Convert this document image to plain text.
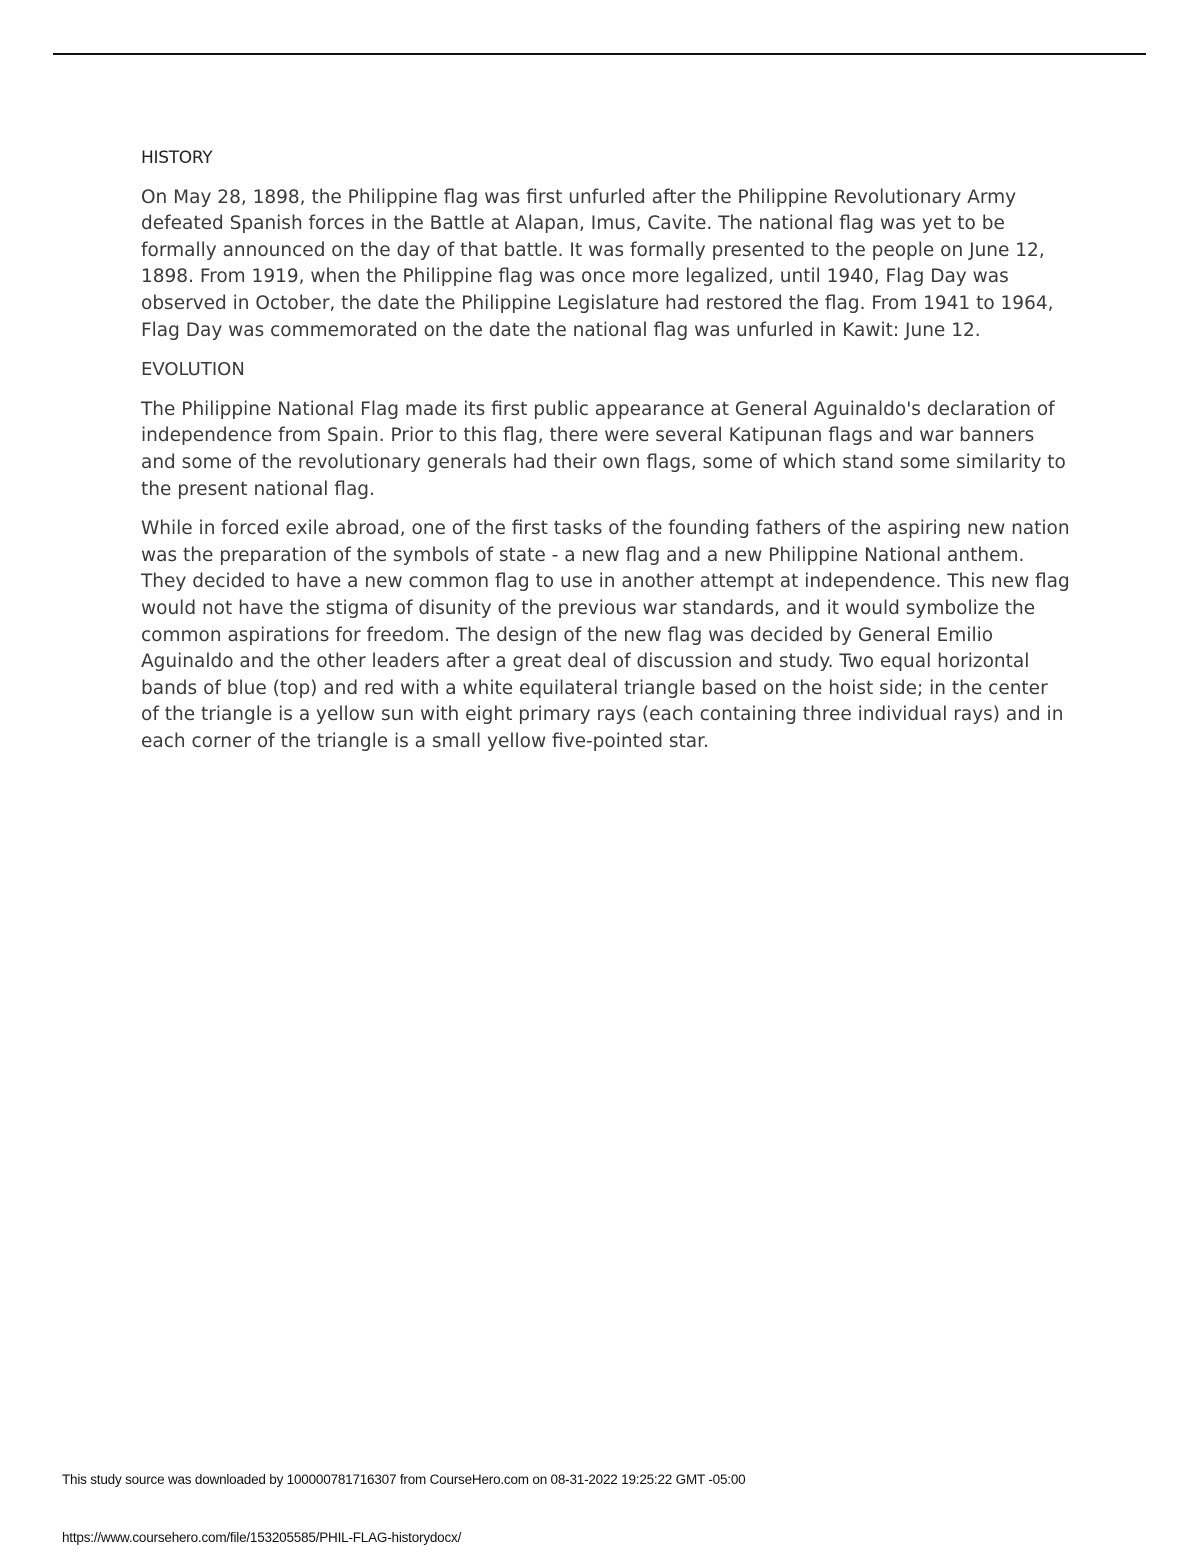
HISTORY

On May 28, 1898, the Philippine flag was first unfurled after the Philippine Revolutionary Army defeated Spanish forces in the Battle at Alapan, Imus, Cavite. The national flag was yet to be formally announced on the day of that battle. It was formally presented to the people on June 12, 1898. From 1919, when the Philippine flag was once more legalized, until 1940, Flag Day was observed in October, the date the Philippine Legislature had restored the flag. From 1941 to 1964, Flag Day was commemorated on the date the national flag was unfurled in Kawit: June 12.

EVOLUTION

The Philippine National Flag made its first public appearance at General Aguinaldo's declaration of independence from Spain. Prior to this flag, there were several Katipunan flags and war banners and some of the revolutionary generals had their own flags, some of which stand some similarity to the present national flag.

While in forced exile abroad, one of the first tasks of the founding fathers of the aspiring new nation was the preparation of the symbols of state - a new flag and a new Philippine National anthem. They decided to have a new common flag to use in another attempt at independence. This new flag would not have the stigma of disunity of the previous war standards, and it would symbolize the common aspirations for freedom. The design of the new flag was decided by General Emilio Aguinaldo and the other leaders after a great deal of discussion and study. Two equal horizontal bands of blue (top) and red with a white equilateral triangle based on the hoist side; in the center of the triangle is a yellow sun with eight primary rays (each containing three individual rays) and in each corner of the triangle is a small yellow five-pointed star.

This study source was downloaded by 100000781716307 from CourseHero.com on 08-31-2022 19:25:22 GMT -05:00
https://www.coursehero.com/file/153205585/PHIL-FLAG-historydocx/
